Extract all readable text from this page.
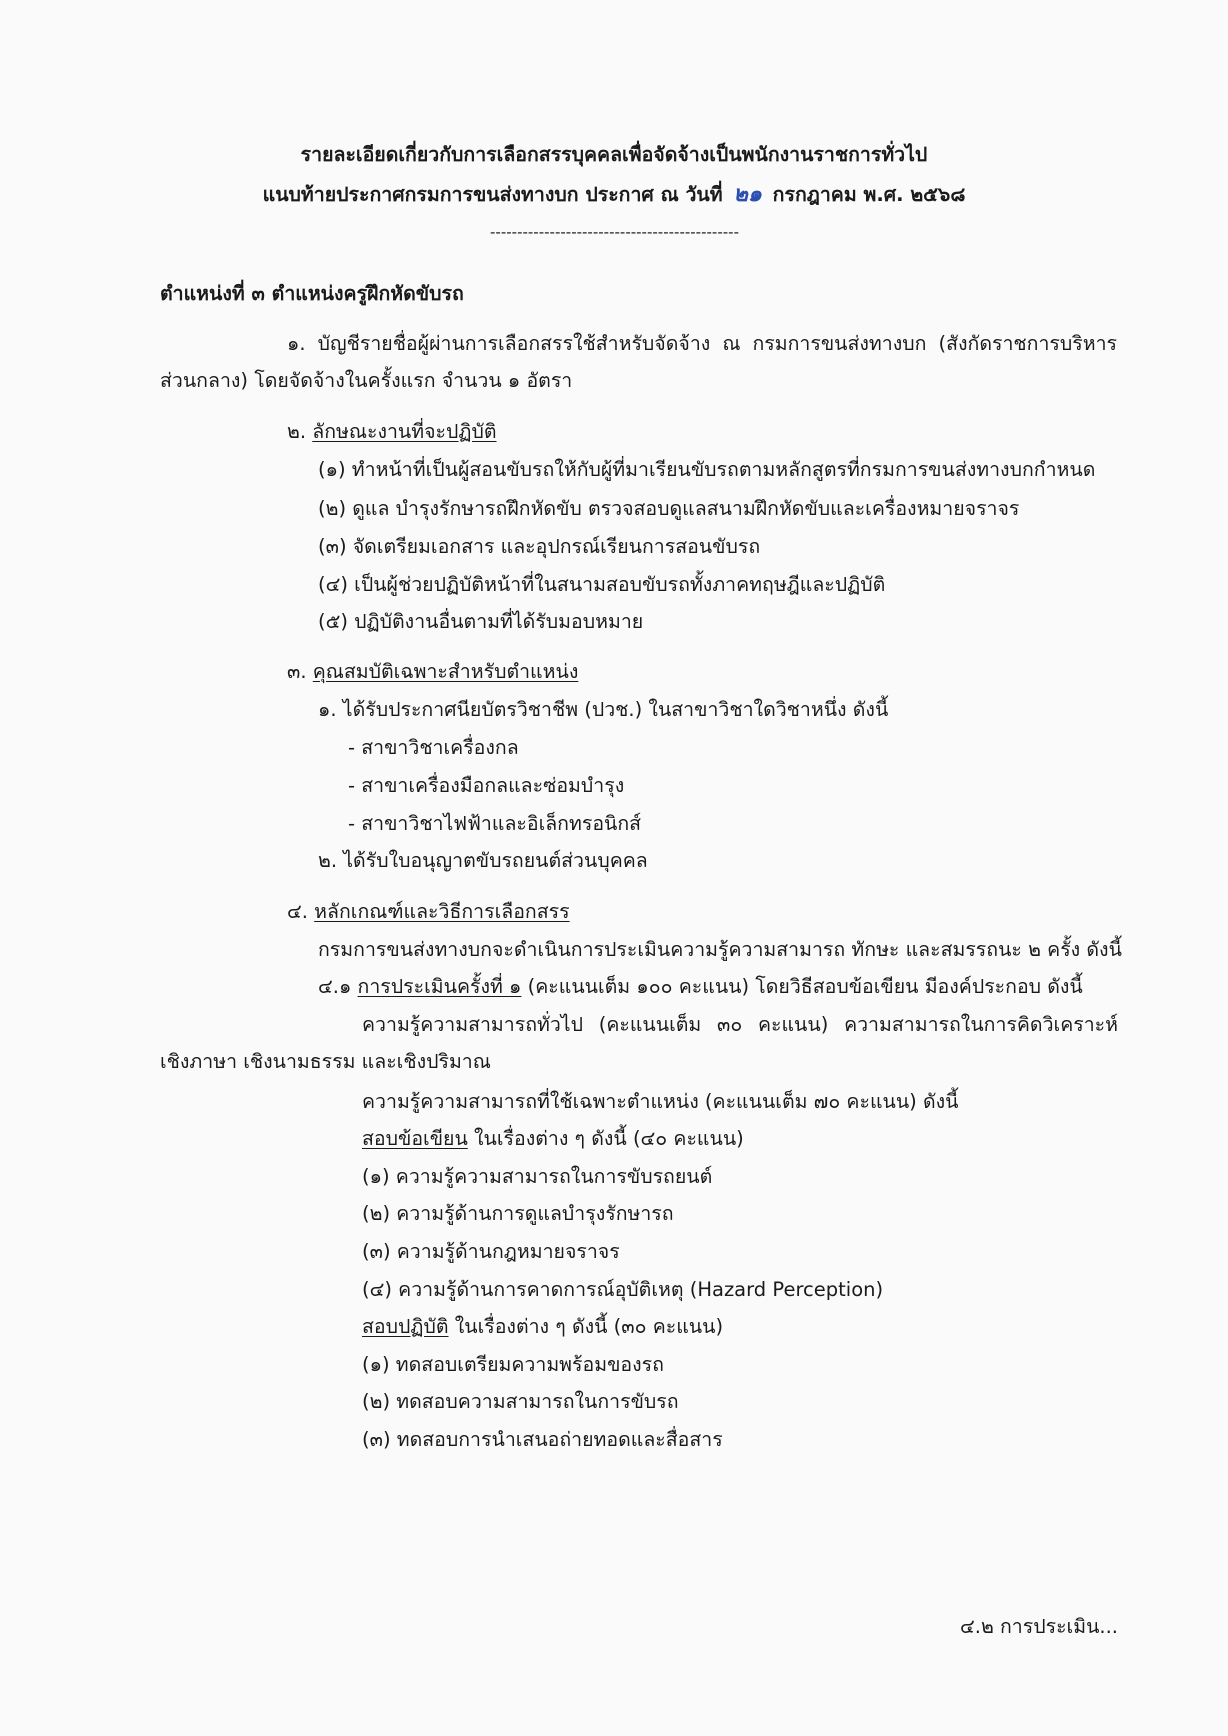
รายละเอียดเกี่ยวกับการเลือกสรรบุคคลเพื่อจัดจ้างเป็นพนักงานราชการทั่วไป
แนบท้ายประกาศกรมการขนส่งทางบก ประกาศ ณ วันที่ ๒๑ กรกฎาคม พ.ศ. ๒๕๖๘
----------------------------------------------
ตำแหน่งที่ ๓ ตำแหน่งครูฝึกหัดขับรถ
๑. บัญชีรายชื่อผู้ผ่านการเลือกสรรใช้สำหรับจัดจ้าง ณ กรมการขนส่งทางบก (สังกัดราชการบริหาร
ส่วนกลาง) โดยจัดจ้างในครั้งแรก จำนวน ๑ อัตรา
๒. ลักษณะงานที่จะปฏิบัติ
(๑) ทำหน้าที่เป็นผู้สอนขับรถให้กับผู้ที่มาเรียนขับรถตามหลักสูตรที่กรมการขนส่งทางบกกำหนด
(๒) ดูแล บำรุงรักษารถฝึกหัดขับ ตรวจสอบดูแลสนามฝึกหัดขับและเครื่องหมายจราจร
(๓) จัดเตรียมเอกสาร และอุปกรณ์เรียนการสอนขับรถ
(๔) เป็นผู้ช่วยปฏิบัติหน้าที่ในสนามสอบขับรถทั้งภาคทฤษฎีและปฏิบัติ
(๕) ปฏิบัติงานอื่นตามที่ได้รับมอบหมาย
๓. คุณสมบัติเฉพาะสำหรับตำแหน่ง
๑. ได้รับประกาศนียบัตรวิชาชีพ (ปวช.) ในสาขาวิชาใดวิชาหนึ่ง ดังนี้
- สาขาวิชาเครื่องกล
- สาขาเครื่องมือกลและซ่อมบำรุง
- สาขาวิชาไฟฟ้าและอิเล็กทรอนิกส์
๒. ได้รับใบอนุญาตขับรถยนต์ส่วนบุคคล
๔. หลักเกณฑ์และวิธีการเลือกสรร
กรมการขนส่งทางบกจะดำเนินการประเมินความรู้ความสามารถ ทักษะ และสมรรถนะ ๒ ครั้ง ดังนี้
๔.๑ การประเมินครั้งที่ ๑ (คะแนนเต็ม ๑๐๐ คะแนน) โดยวิธีสอบข้อเขียน มีองค์ประกอบ ดังนี้
ความรู้ความสามารถทั่วไป (คะแนนเต็ม ๓๐ คะแนน) ความสามารถในการคิดวิเคราะห์
เชิงภาษา เชิงนามธรรม และเชิงปริมาณ
ความรู้ความสามารถที่ใช้เฉพาะตำแหน่ง (คะแนนเต็ม ๗๐ คะแนน) ดังนี้
สอบข้อเขียน ในเรื่องต่าง ๆ ดังนี้ (๔๐ คะแนน)
(๑) ความรู้ความสามารถในการขับรถยนต์
(๒) ความรู้ด้านการดูแลบำรุงรักษารถ
(๓) ความรู้ด้านกฎหมายจราจร
(๔) ความรู้ด้านการคาดการณ์อุบัติเหตุ (Hazard Perception)
สอบปฏิบัติ ในเรื่องต่าง ๆ ดังนี้ (๓๐ คะแนน)
(๑) ทดสอบเตรียมความพร้อมของรถ
(๒) ทดสอบความสามารถในการขับรถ
(๓) ทดสอบการนำเสนอถ่ายทอดและสื่อสาร
๔.๒ การประเมิน...
